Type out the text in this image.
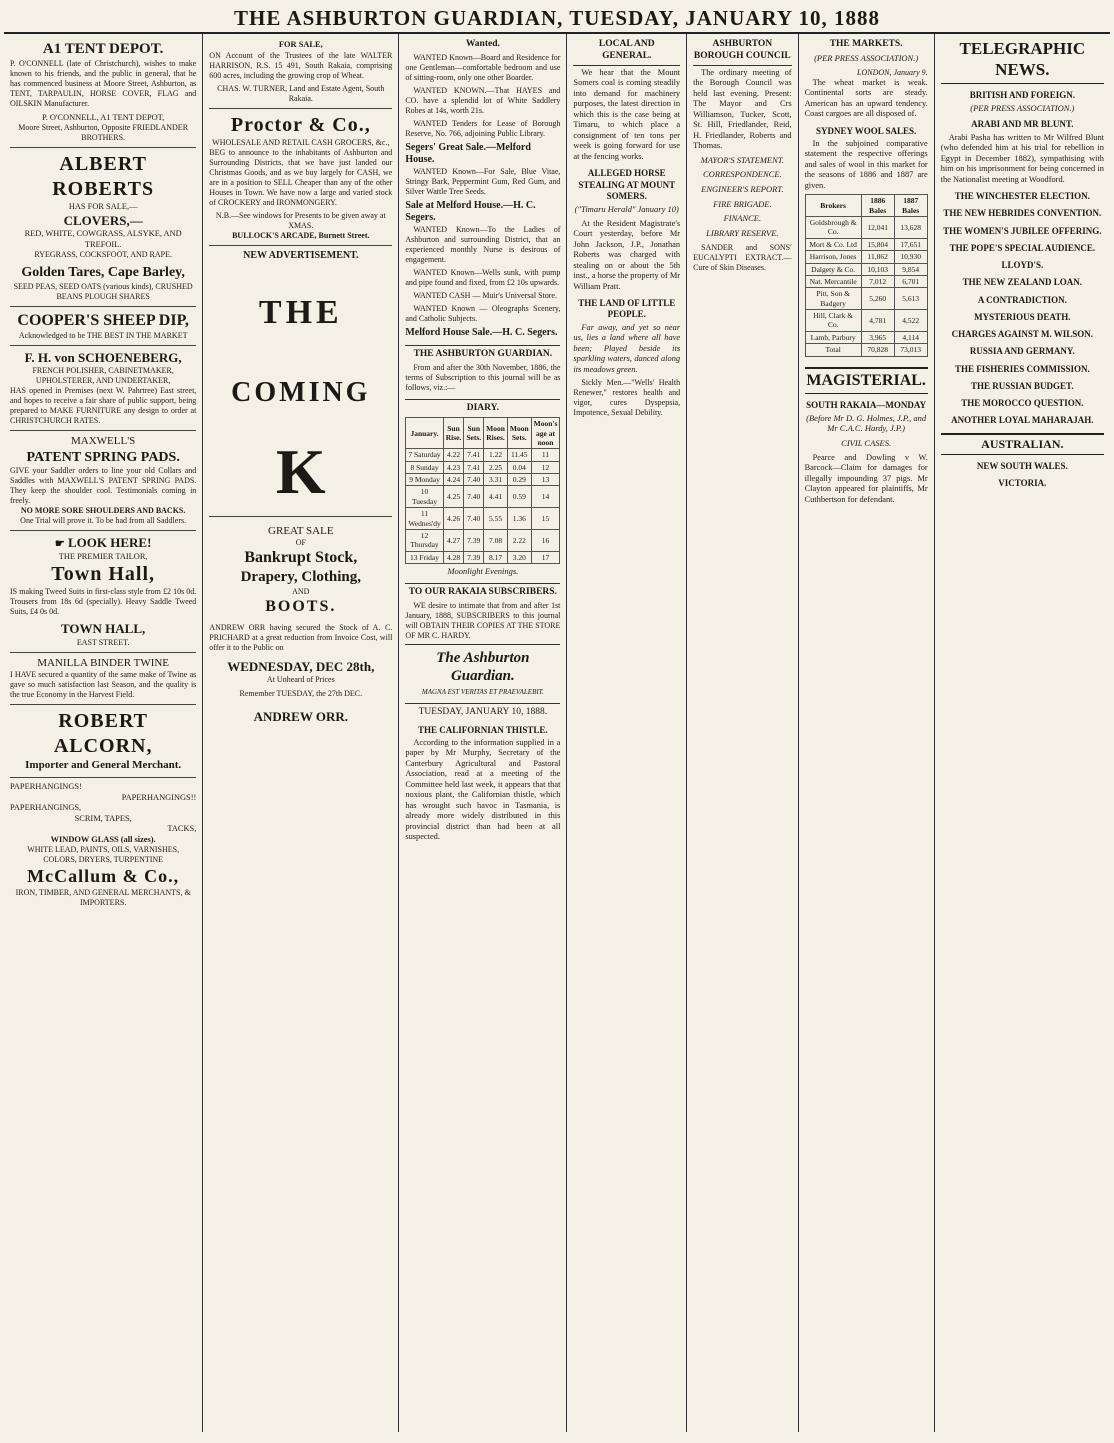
THE ASHBURTON GUARDIAN, TUESDAY, JANUARY 10, 1888
A1 TENT DEPOT.
P. O'CONNELL (late of Christchurch), wishes to make known to his friends, and the public in general, that he has commenced business at Moore Street, Ashburton, as TENT, TARPAULIN, HORSE COVER, FLAG and OILSKIN Manufacturer.
P. O'CONNELL, A1 TENT DEPOT,
Moore Street, Ashburton, Opposite FRIEDLANDER BROTHERS.
ALBERT ROBERTS
HAS FOR SALE,—
CLOVERS,—
RED, WHITE, COWGRASS, ALSYKE, AND TREFOIL.
RYEGRASS, COCKSFOOT, AND RAPE.
Golden Tares, Cape Barley,
SEED PEAS, SEED OATS (various kinds), CRUSHED BEANS PLOUGH SHARES
COOPER'S SHEEP DIP,
Acknowledged to be THE BEST IN THE MARKET
F. H. von SCHOENEBERG,
FRENCH POLISHER, CABINETMAKER, UPHOLSTERER, AND UNDERTAKER,
HAS opened in Premises (next W. Pahrtree) East street, and hopes to receive a fair share of public support, being prepared to MAKE FURNITURE any design to order at CHRISTCHURCH RATES.
MAXWELL'S
PATENT SPRING PADS.
GIVE your Saddler orders to line your old Collars and Saddles with MAXWELL'S PATENT SPRING PADS. They keep the shoulder cool. Testimonials coming in freely.
NO MORE SORE SHOULDERS AND BACKS.
One Trial will prove it. To be had from all Saddlers.
☛ LOOK HERE!
THE PREMIER TAILOR,
Town Hall,
IS making Tweed Suits in first-class style from £2 10s 0d. Trousers from 18s 6d (specially). Heavy Saddle Tweed Suits, £4 0s 0d.
TOWN HALL,
EAST STREET.
MANILLA BINDER TWINE
I HAVE secured a quantity of the same make of Twine as gave so much satisfaction last Season, and the quality is the true Economy in the Harvest Field.
ROBERT ALCORN,
Importer and General Merchant.
PAPERHANGINGS!
PAPERHANGINGS!!
PAPERHANGINGS,
SCRIM, TAPES,
TACKS,
WINDOW GLASS (all sizes).
WHITE LEAD, PAINTS, OILS, VARNISHES, COLORS, DRYERS, TURPENTINE
McCallum & Co.,
IRON, TIMBER, AND GENERAL MERCHANTS, & IMPORTERS.
FOR SALE,
ON Account of the Trustees of the late WALTER HARRISON, R.S. 15 491, South Rakaia, comprising 600 acres, including the growing crop of Wheat.
CHAS. W. TURNER, Land and Estate Agent, South Rakaia.
Proctor & Co.,
WHOLESALE AND RETAIL CASH GROCERS, &c.,
BEG to announce to the inhabitants of Ashburton and Surrounding Districts, that we have just landed our Christmas Goods, and as we buy largely for CASH, we are in a position to SELL Cheaper than any of the other Houses in Town. We have now a large and varied stock of CROCKERY and IRONMONGERY.
N.B.—See windows for Presents to be given away at XMAS.
BULLOCK'S ARCADE, Burnett Street.
NEW ADVERTISEMENT.
THE
COMING
K
GREAT SALE
OF
Bankrupt Stock,
Drapery, Clothing,
AND
BOOTS.
ANDREW ORR having secured the Stock of A. C. PRICHARD at a great reduction from Invoice Cost, will offer it to the Public on
WEDNESDAY, DEC 28th,
At Unheard of Prices
Remember TUESDAY, the 27th DEC.
ANDREW ORR.
Wanted.

WANTED Known—Board and Residence for one Gentleman—comfortable bedroom and use of sitting-room, only one other Boarder.

WANTED KNOWN.—That HAYES and CO. have a splendid lot of White Saddlery Robes at 14s, worth 21s.

WANTED Tenders for Lease of Borough Reserve, No. 766, adjoining Public Library.

Segers' Great Sale.—Melford House.

WANTED Known—For Sale, Blue Vitae, Stringy Bark, Peppermint Gum, Red Gum, and Silver Wattle Tree Seeds.

Sale at Melford House.—H. C. Segers.

WANTED Known—To the Ladies of Ashburton and surrounding District, that an experienced monthly Nurse is desirous of engagement.

WANTED Known—Wells sunk, with pump and pipe found and fixed, from £2 10s upwards.

WANTED CASH — Muir's Universal Store.

WANTED Known — Oleographs Scenery, and Catholic Subjects.

Melford House Sale.—H. C. Segers.
THE ASHBURTON GUARDIAN.

From and after the 30th November, 1886, the terms of Subscription to this journal will be as follows, viz.:—

DIARY.
January.	Sun Rise.	Sun Sets.	Moon Rises.	Moon Sets.	Moon's age at noon
7 Saturday	4.22	7.41	1.22	11.45	11
8 Sunday	4.23	7.41	2.25	0.04	12
9 Monday	4.24	7.40	3.31	0.29	13
10 Tuesday	4.25	7.40	4.41	0.59	14
11 Wednes'dy	4.26	7.40	5.55	1.36	15
12 Thursday	4.27	7.39	7.08	2.22	16
13 Friday	4.28	7.39	8.17	3.20	17
Moonlight Evenings.
TO OUR RAKAIA SUBSCRIBERS.

WE desire to intimate that from and after 1st January, 1888, SUBSCRIBERS to this journal will OBTAIN THEIR COPIES AT THE STORE OF MR C. HARDY.

The Ashburton Guardian.
MAGNA EST VERITAS ET PRAEVALEBIT.
TUESDAY, JANUARY 10, 1888.
THE CALIFORNIAN THISTLE.

According to the information supplied in a paper by Mr Murphy, Secretary of the Canterbury Agricultural and Pastoral Association, read at a meeting of the Committee held last week, it appears that that noxious plant, the Californian thistle, which has wrought such havoc in Tasmania, is already more widely distributed in this provincial district than had been at all suspected.

LOCAL AND GENERAL.

We hear that the Mount Somers coal is coming steadily into demand for machinery purposes, the latest direction in which this is the case being at Timaru, to which place a consignment of ten tons per week is going forward for use at the fencing works.

ALLEGED HORSE STEALING AT MOUNT SOMERS.
("Timaru Herald" January 10)

At the Resident Magistrate's Court yesterday, before Mr John Jackson, J.P., Jonathan Roberts was charged with stealing on or about the 5th inst., a horse the property of Mr William Pratt.

THE LAND OF LITTLE PEOPLE.

Far away, and yet so near us, lies a land where all have been; Played beside its sparkling waters, danced along its meadows green.

Sickly Men.—"Wells' Health Renewer," restores health and vigor, cures Dyspepsia, Impotence, Sexual Debility.

ASHBURTON BOROUGH COUNCIL

The ordinary meeting of the Borough Council was held last evening. Present: The Mayor and Crs Williamson, Tucker, Scott, St. Hill, Friedlander, Reid, H. Friedlander, Roberts and Thomas.

MAYOR'S STATEMENT.
CORRESPONDENCE.
ENGINEER'S REPORT.
FIRE BRIGADE.
FINANCE.
LIBRARY RESERVE.

SANDER and SONS' EUCALYPTI EXTRACT.—Cure of Skin Diseases.

THE MARKETS.
(PER PRESS ASSOCIATION.)
LONDON, January 9.

The wheat market is weak. Continental sorts are steady. American has an upward tendency. Coast cargoes are all disposed of.

SYDNEY WOOL SALES.

In the subjoined comparative statement the respective offerings and sales of wool in this market for the seasons of 1886 and 1887 are given.

Brokers	1886 Bales	1887 Bales
Goldsbrough & Co.	12,041	13,628
Mort & Co. Ltd	15,804	17,651
Harrison, Jones	11,862	10,930
Dalgety & Co.	10,103	9,854
Nat. Mercantile	7,012	6,701
Pitt, Son & Badgery	5,260	5,613
Hill, Clark & Co.	4,781	4,522
Lamb, Parbury	3,965	4,114
Total	70,828	73,013
MAGISTERIAL.
SOUTH RAKAIA—MONDAY
(Before Mr D. G. Holmes, J.P., and Mr C.A.C. Hardy, J.P.)
CIVIL CASES.

Pearce and Dowling v W. Barcock—Claim for damages for illegally impounding 37 pigs. Mr Clayton appeared for plaintiffs, Mr Cuthbertson for defendant.

TELEGRAPHIC NEWS.
BRITISH AND FOREIGN.
(PER PRESS ASSOCIATION.)
ARABI AND MR BLUNT.

Arabi Pasha has written to Mr Wilfred Blunt (who defended him at his trial for rebellion in Egypt in December 1882), sympathising with him on his imprisonment for being concerned in the Nationalist meeting at Woodford.

THE WINCHESTER ELECTION.
THE NEW HEBRIDES CONVENTION.
THE WOMEN'S JUBILEE OFFERING.
THE POPE'S SPECIAL AUDIENCE.
LLOYD'S.
THE NEW ZEALAND LOAN.
A CONTRADICTION.
MYSTERIOUS DEATH.
CHARGES AGAINST M. WILSON.
RUSSIA AND GERMANY.
THE FISHERIES COMMISSION.
THE RUSSIAN BUDGET.
THE MOROCCO QUESTION.
ANOTHER LOYAL MAHARAJAH.
AUSTRALIAN.
NEW SOUTH WALES.
VICTORIA.
